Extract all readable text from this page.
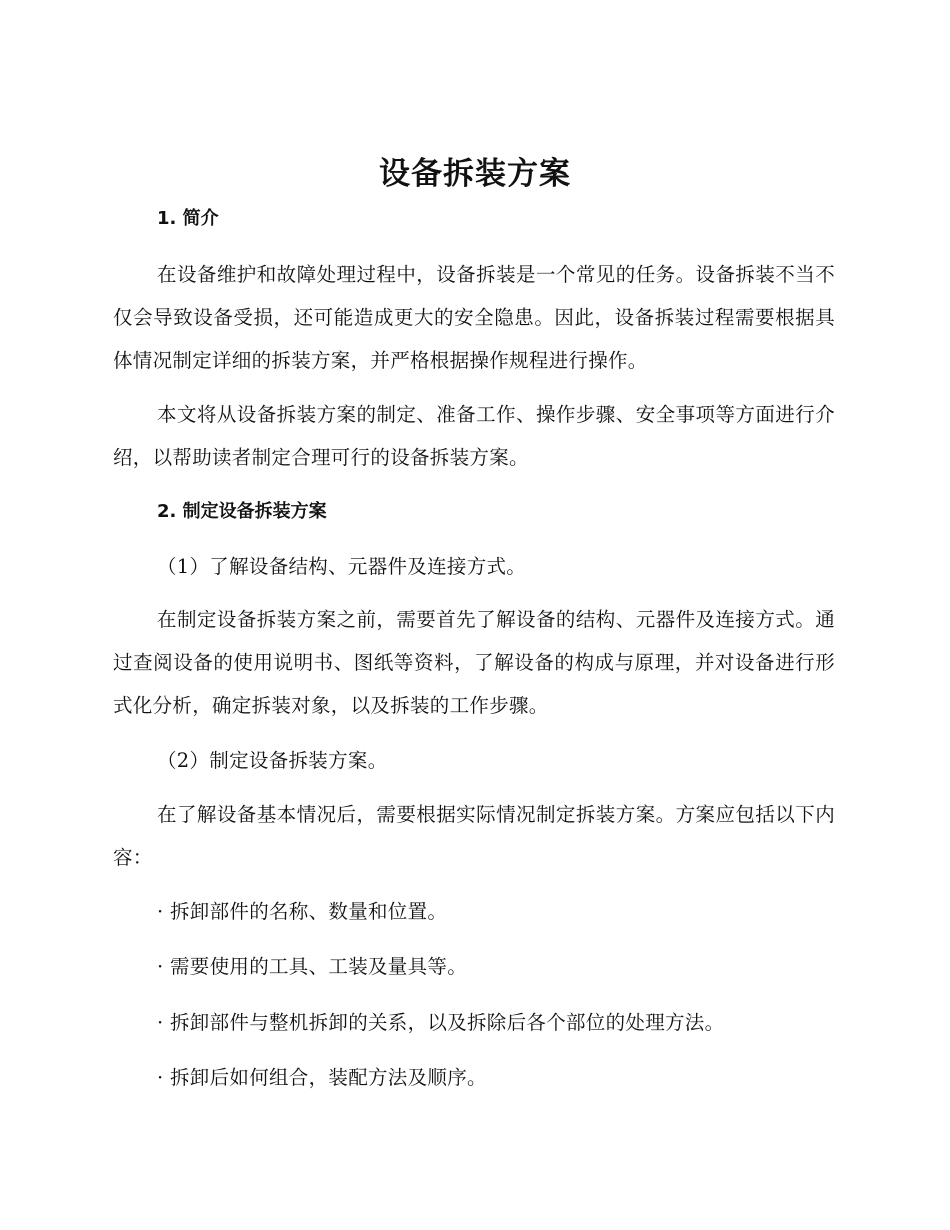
设备拆装方案
1. 简介

在设备维护和故障处理过程中，设备拆装是一个常见的任务。设备拆装不当不仅会导致设备受损，还可能造成更大的安全隐患。因此，设备拆装过程需要根据具体情况制定详细的拆装方案，并严格根据操作规程进行操作。

本文将从设备拆装方案的制定、准备工作、操作步骤、安全事项等方面进行介绍，以帮助读者制定合理可行的设备拆装方案。

2. 制定设备拆装方案
（1）了解设备结构、元器件及连接方式。

在制定设备拆装方案之前，需要首先了解设备的结构、元器件及连接方式。通过查阅设备的使用说明书、图纸等资料，了解设备的构成与原理，并对设备进行形式化分析，确定拆装对象，以及拆装的工作步骤。

（2）制定设备拆装方案。

在了解设备基本情况后，需要根据实际情况制定拆装方案。方案应包括以下内容：

· 拆卸部件的名称、数量和位置。
· 需要使用的工具、工装及量具等。
· 拆卸部件与整机拆卸的关系，以及拆除后各个部位的处理方法。
· 拆卸后如何组合，装配方法及顺序。
